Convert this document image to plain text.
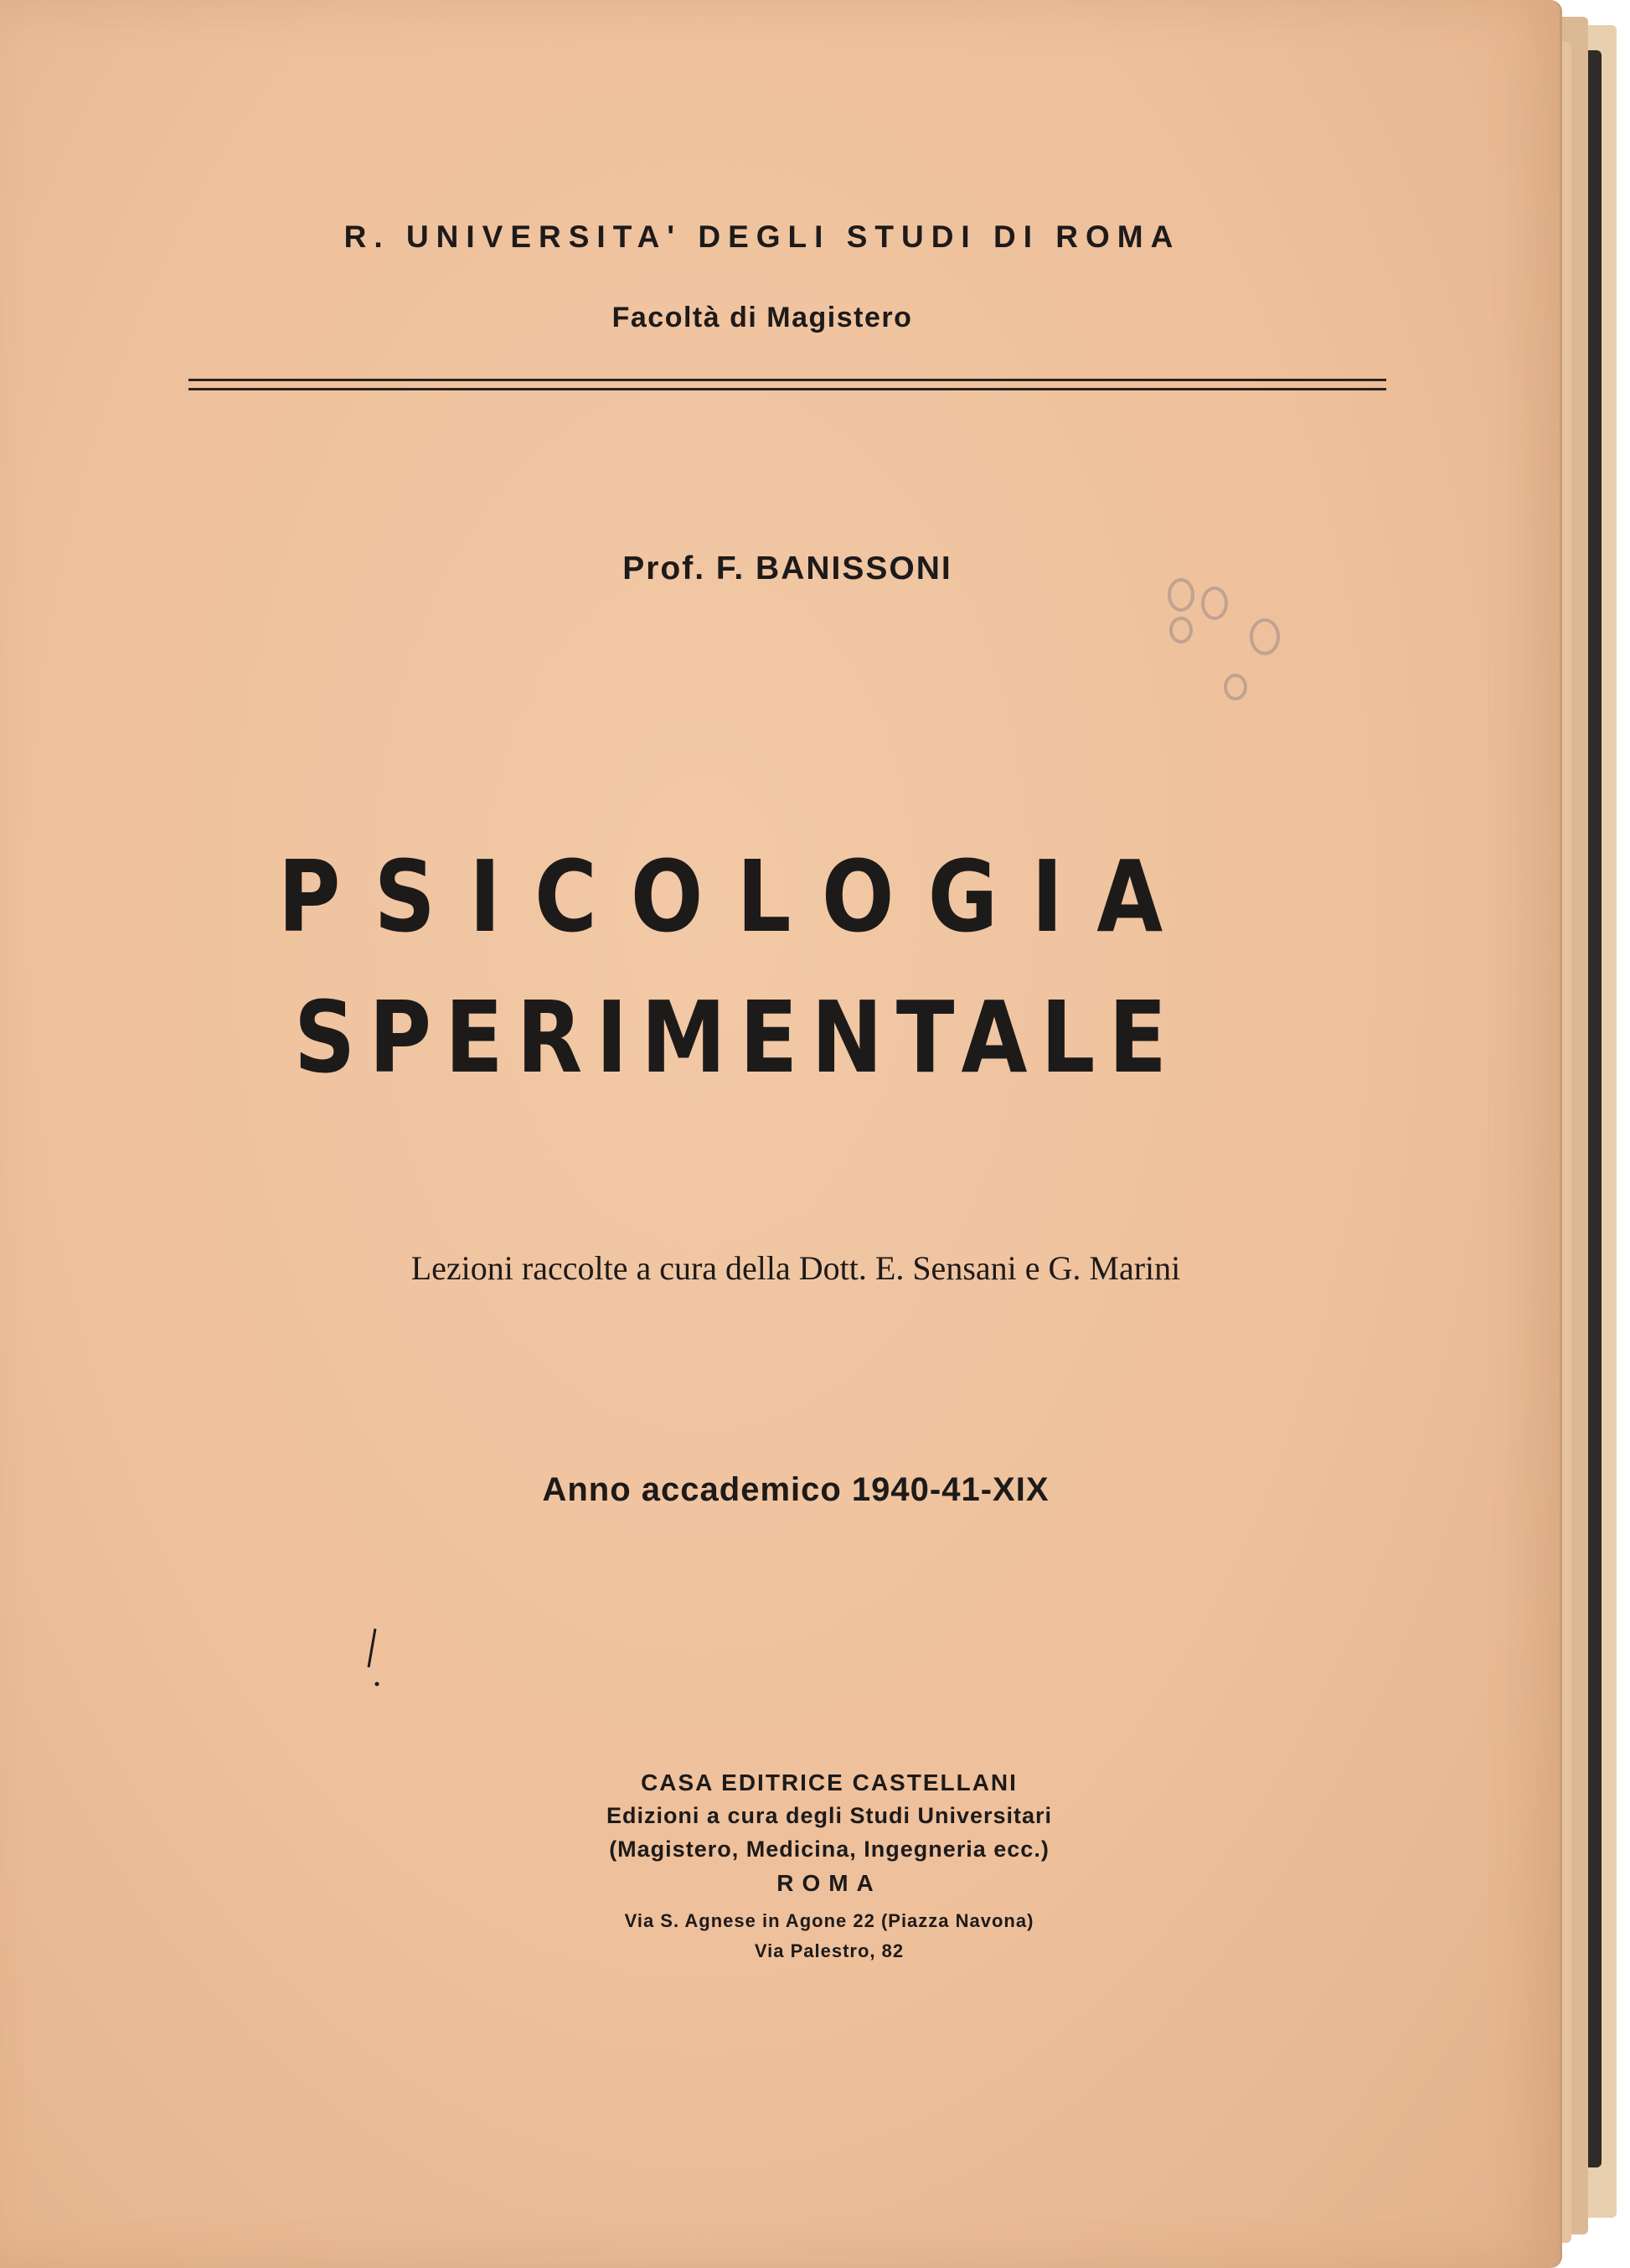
R. UNIVERSITA' DEGLI STUDI DI ROMA
Facoltà di Magistero
Prof. F. BANISSONI
PSICOLOGIA
SPERIMENTALE
Lezioni raccolte a cura della Dott. E. Sensani e G. Marini
Anno accademico 1940-41-XIX
CASA EDITRICE CASTELLANI
Edizioni a cura degli Studi Universitari
(Magistero, Medicina, Ingegneria ecc.)
ROMA
Via S. Agnese in Agone 22 (Piazza Navona)
Via Palestro, 82
